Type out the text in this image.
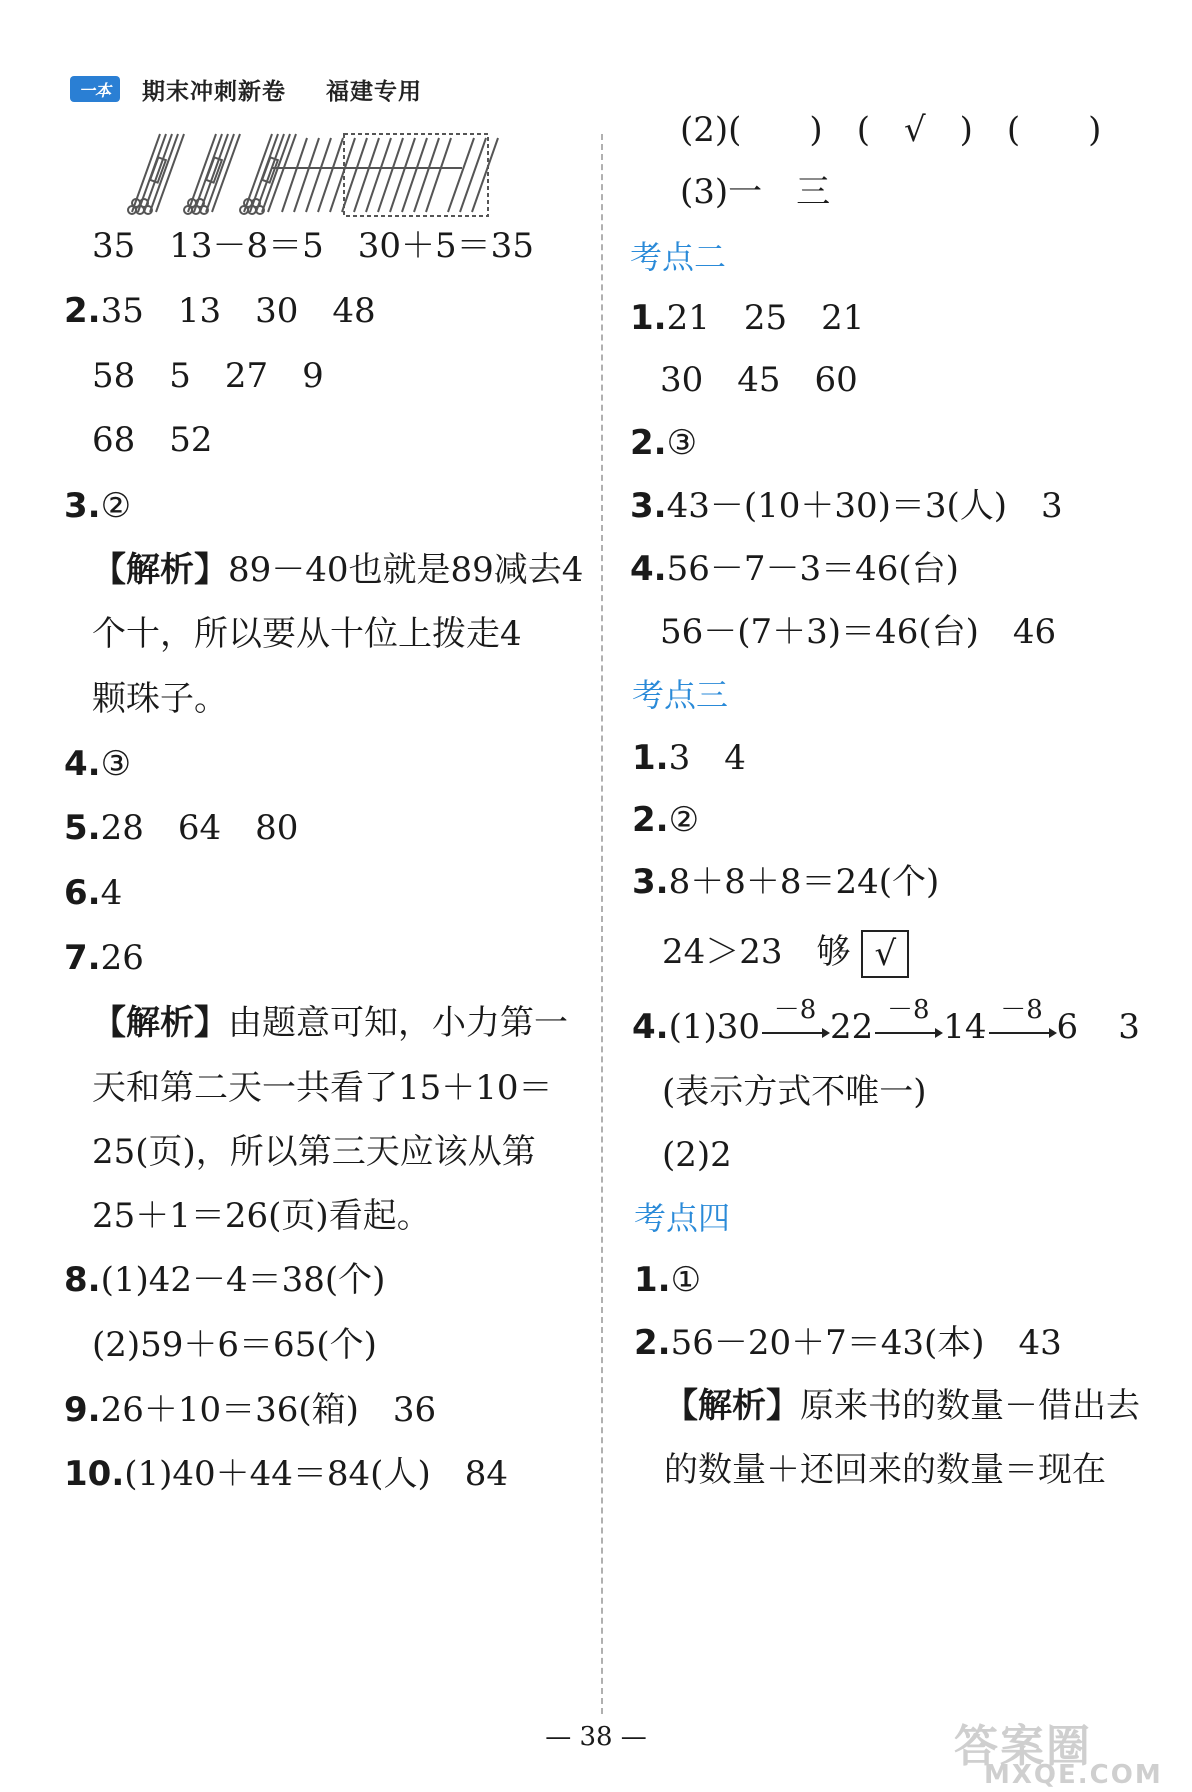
一本	期末冲刺新卷 福建专用
35　13－8＝5　30＋5＝35
2.35　13　30　48
58　5　27　9
68　52
3.②
【解析】89－40也就是89减去4
个十，所以要从十位上拨走4
颗珠子。
4.③
5.28　64　80
6.4
7.26
【解析】由题意可知，小力第一
天和第二天一共看了15＋10＝
25(页)，所以第三天应该从第
25＋1＝26(页)看起。
8.(1)42－4＝38(个)
(2)59＋6＝65(个)
9.26＋10＝36(箱)　36
10.(1)40＋44＝84(人)　84
(2)(　　)　(　√　)　(　　)
(3)一　三
考点二
1.21　25　21
30　45　60
2.③
3.43－(10＋30)＝3(人)　3
4.56－7－3＝46(台)
56－(7＋3)＝46(台)　46
考点三
1.3　4
2.②
3.8＋8＋8＝24(个)
24＞23　够 √
4.(1)30 －8 22 －8 14 －8 6 3
(表示方式不唯一)
(2)2
考点四
1.①
2.56－20＋7＝43(本)　43
【解析】原来书的数量－借出去
的数量＋还回来的数量＝现在
— 38 —	答案圈
MXQE.COM
